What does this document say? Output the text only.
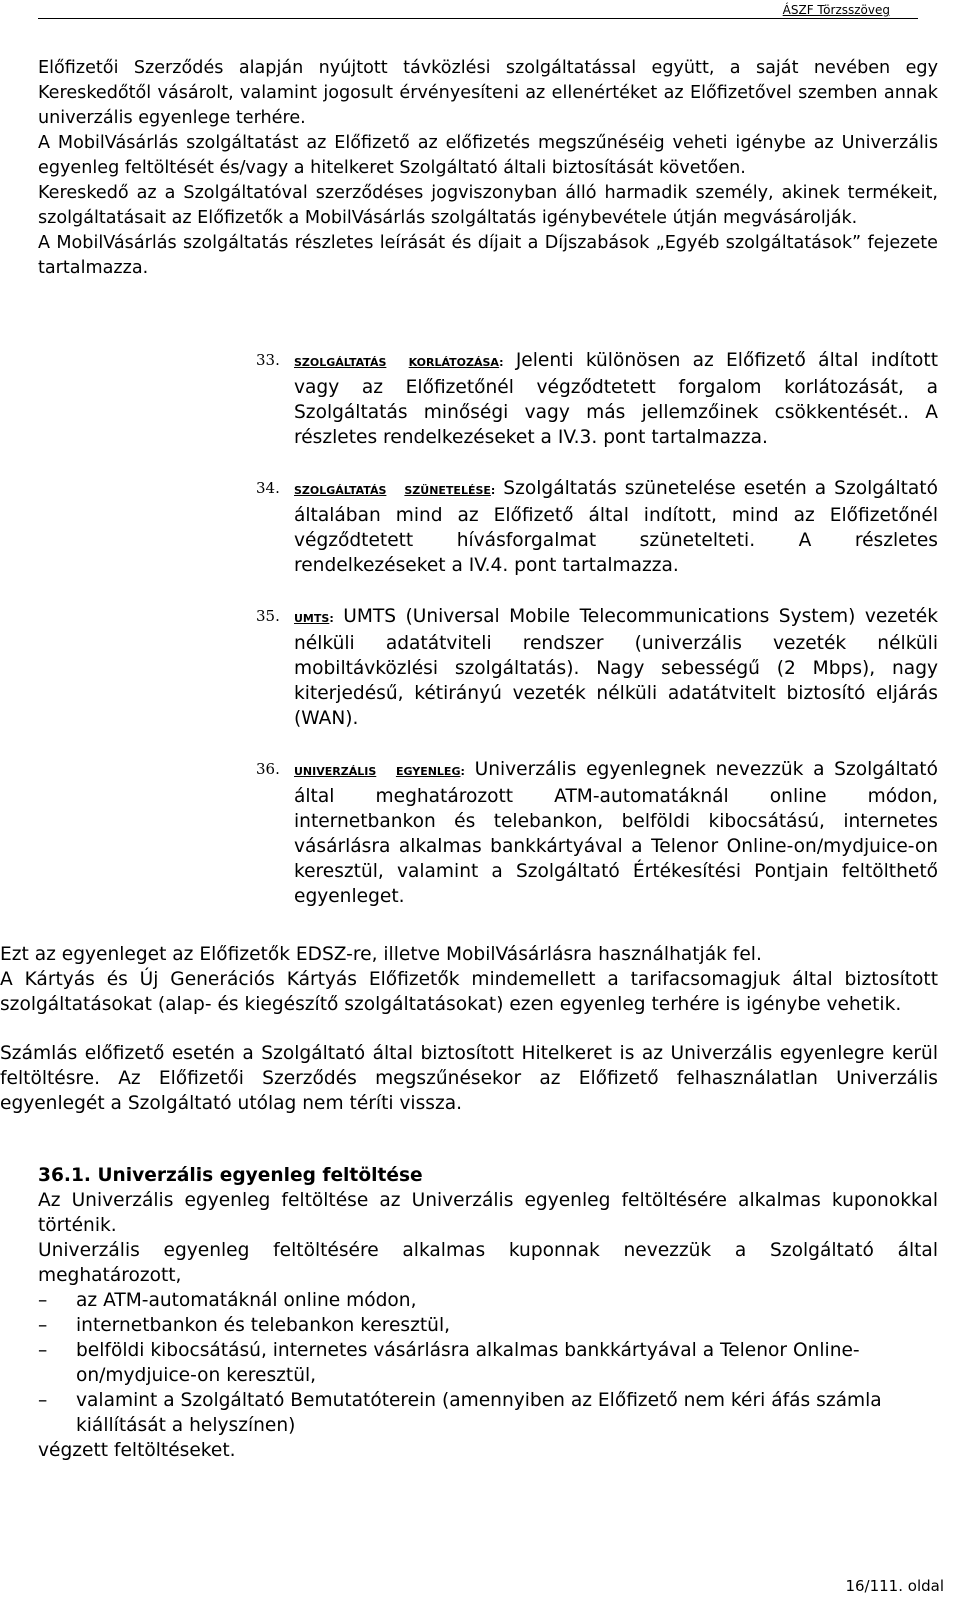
ÁSZF Törzsszöveg

Előfizetői Szerződés alapján nyújtott távközlési szolgáltatással együtt, a saját nevében egy Kereskedőtől vásárolt, valamint jogosult érvényesíteni az ellenértéket az Előfizetővel szemben annak univerzális egyenlege terhére.

A MobilVásárlás szolgáltatást az Előfizető az előfizetés megszűnéséig veheti igénybe az Univerzális egyenleg feltöltését és/vagy a hitelkeret Szolgáltató általi biztosítását követően.

Kereskedő az a Szolgáltatóval szerződéses jogviszonyban álló harmadik személy, akinek termékeit, szolgáltatásait az Előfizetők a MobilVásárlás szolgáltatás igénybevétele útján megvásárolják.

A MobilVásárlás szolgáltatás részletes leírását és díjait a Díjszabások „Egyéb szolgáltatások” fejezete tartalmazza.

33. SZOLGÁLTATÁS KORLÁTOZÁSA: Jelenti különösen az Előfizető által indított vagy az Előfizetőnél végződtetett forgalom korlátozását, a Szolgáltatás minőségi vagy más jellemzőinek csökkentését.. A részletes rendelkezéseket a IV.3. pont tartalmazza.

34. SZOLGÁLTATÁS SZÜNETELÉSE: Szolgáltatás szünetelése esetén a Szolgáltató általában mind az Előfizető által indított, mind az Előfizetőnél végződtetett hívásforgalmat szünetelteti. A részletes rendelkezéseket a IV.4. pont tartalmazza.

35. UMTS: UMTS (Universal Mobile Telecommunications System) vezeték nélküli adatátviteli rendszer (univerzális vezeték nélküli mobiltávközlési szolgáltatás). Nagy sebességű (2 Mbps), nagy kiterjedésű, kétirányú vezeték nélküli adatátvitelt biztosító eljárás (WAN).

36. UNIVERZÁLIS EGYENLEG: Univerzális egyenlegnek nevezzük a Szolgáltató által meghatározott ATM-automatáknál online módon, internetbankon és telebankon, belföldi kibocsátású, internetes vásárlásra alkalmas bankkártyával a Telenor Online-on/mydjuice-on keresztül, valamint a Szolgáltató Értékesítési Pontjain feltölthető egyenleget.

Ezt az egyenleget az Előfizetők EDSZ-re, illetve MobilVásárlásra használhatják fel.

A Kártyás és Új Generációs Kártyás Előfizetők mindemellett a tarifacsomagjuk által biztosított szolgáltatásokat (alap- és kiegészítő szolgáltatásokat) ezen egyenleg terhére is igénybe vehetik.

Számlás előfizető esetén a Szolgáltató által biztosított Hitelkeret is az Univerzális egyenlegre kerül feltöltésre. Az Előfizetői Szerződés megszűnésekor az Előfizető felhasználatlan Univerzális egyenlegét a Szolgáltató utólag nem téríti vissza.

36.1. Univerzális egyenleg feltöltése

Az Univerzális egyenleg feltöltése az Univerzális egyenleg feltöltésére alkalmas kuponokkal történik.

Univerzális egyenleg feltöltésére alkalmas kuponnak nevezzük a Szolgáltató által meghatározott,

– az ATM-automatáknál online módon,
– internetbankon és telebankon keresztül,
– belföldi kibocsátású, internetes vásárlásra alkalmas bankkártyával a Telenor Online-on/mydjuice-on keresztül,
– valamint a Szolgáltató Bemutatóterein (amennyiben az Előfizető nem kéri áfás számla kiállítását a helyszínen)

végzett feltöltéseket.

16/111. oldal
